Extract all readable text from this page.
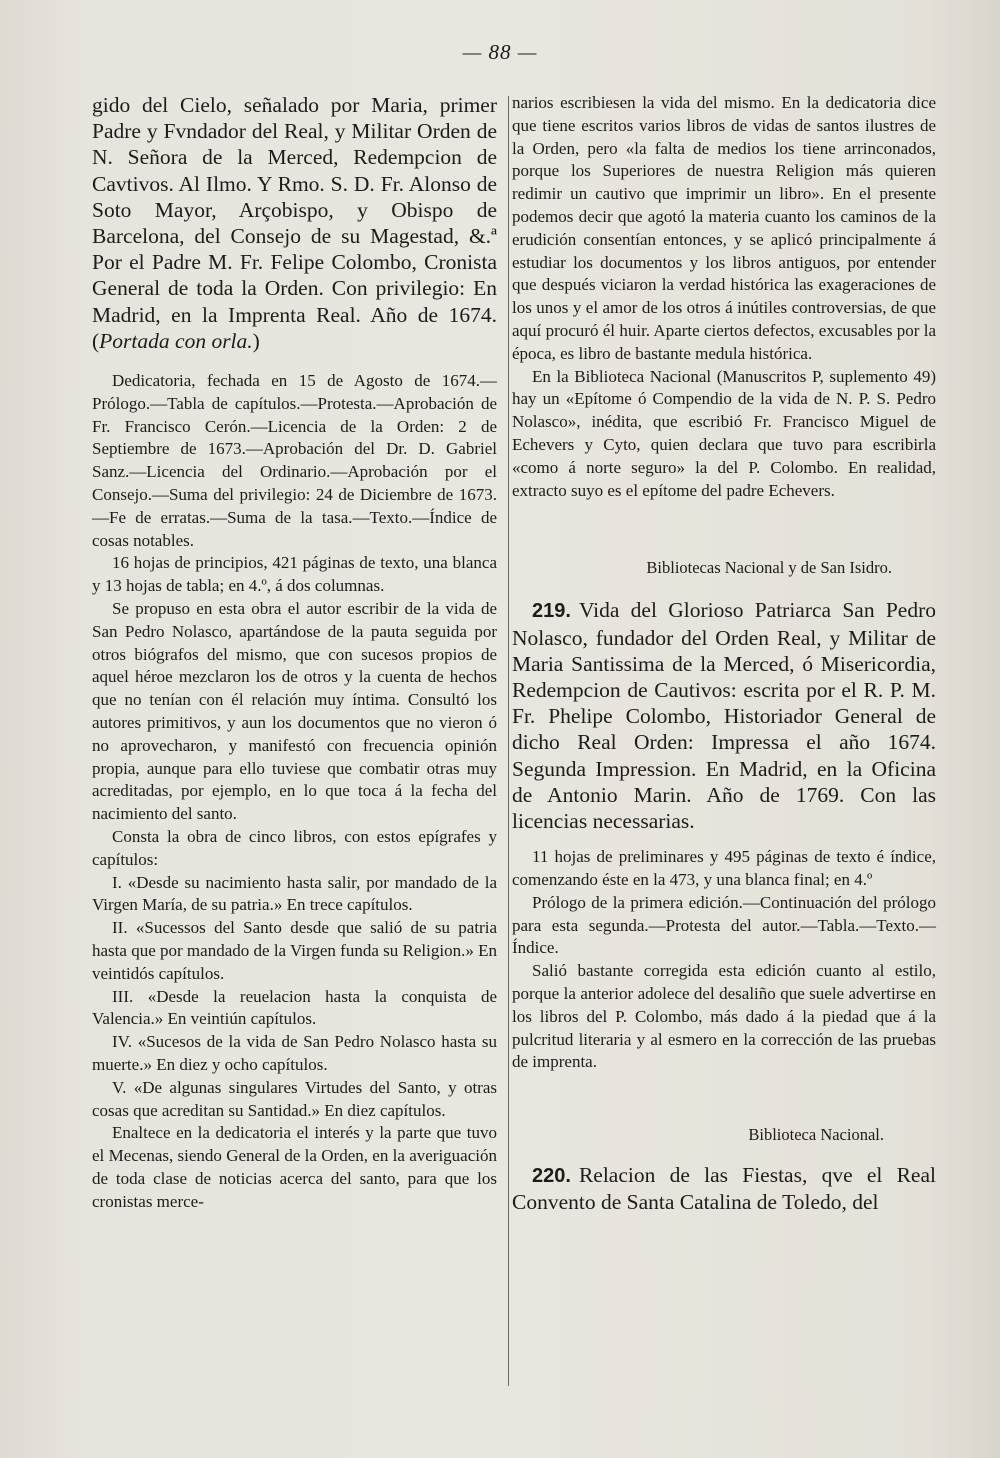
— 88 —

gido del Cielo, señalado por Maria, primer Padre y Fvndador del Real, y Militar Orden de N. Señora de la Merced, Redempcion de Cavtivos. Al Ilmo. Y Rmo. S. D. Fr. Alonso de Soto Mayor, Arçobispo, y Obispo de Barcelona, del Consejo de su Magestad, &.ª Por el Padre M. Fr. Felipe Colombo, Cronista General de toda la Orden. Con privilegio: En Madrid, en la Imprenta Real. Año de 1674. (Portada con orla.)

Dedicatoria, fechada en 15 de Agosto de 1674.—Prólogo.—Tabla de capítulos.—Protesta.—Aprobación de Fr. Francisco Cerón.—Licencia de la Orden: 2 de Septiembre de 1673.—Aprobación del Dr. D. Gabriel Sanz.—Licencia del Ordinario.—Aprobación por el Consejo.—Suma del privilegio: 24 de Diciembre de 1673.—Fe de erratas.—Suma de la tasa.—Texto.—Índice de cosas notables.

16 hojas de principios, 421 páginas de texto, una blanca y 13 hojas de tabla; en 4.º, á dos columnas.

Se propuso en esta obra el autor escribir de la vida de San Pedro Nolasco, apartándose de la pauta seguida por otros biógrafos del mismo, que con sucesos propios de aquel héroe mezclaron los de otros y la cuenta de hechos que no tenían con él relación muy íntima. Consultó los autores primitivos, y aun los documentos que no vieron ó no aprovecharon, y manifestó con frecuencia opinión propia, aunque para ello tuviese que combatir otras muy acreditadas, por ejemplo, en lo que toca á la fecha del nacimiento del santo.

Consta la obra de cinco libros, con estos epígrafes y capítulos:

I. «Desde su nacimiento hasta salir, por mandado de la Virgen María, de su patria.» En trece capítulos.

II. «Sucessos del Santo desde que salió de su patria hasta que por mandado de la Virgen funda su Religion.» En veintidós capítulos.

III. «Desde la reuelacion hasta la conquista de Valencia.» En veintiún capítulos.

IV. «Sucesos de la vida de San Pedro Nolasco hasta su muerte.» En diez y ocho capítulos.

V. «De algunas singulares Virtudes del Santo, y otras cosas que acreditan su Santidad.» En diez capítulos.

Enaltece en la dedicatoria el interés y la parte que tuvo el Mecenas, siendo General de la Orden, en la averiguación de toda clase de noticias acerca del santo, para que los cronistas merce-

narios escribiesen la vida del mismo. En la dedicatoria dice que tiene escritos varios libros de vidas de santos ilustres de la Orden, pero «la falta de medios los tiene arrinconados, porque los Superiores de nuestra Religion más quieren redimir un cautivo que imprimir un libro». En el presente podemos decir que agotó la materia cuanto los caminos de la erudición consentían entonces, y se aplicó principalmente á estudiar los documentos y los libros antiguos, por entender que después viciaron la verdad histórica las exageraciones de los unos y el amor de los otros á inútiles controversias, de que aquí procuró él huir. Aparte ciertos defectos, excusables por la época, es libro de bastante medula histórica.

En la Biblioteca Nacional (Manuscritos P, suplemento 49) hay un «Epítome ó Compendio de la vida de N. P. S. Pedro Nolasco», inédita, que escribió Fr. Francisco Miguel de Echevers y Cyto, quien declara que tuvo para escribirla «como á norte seguro» la del P. Colombo. En realidad, extracto suyo es el epítome del padre Echevers.

Bibliotecas Nacional y de San Isidro.

219. Vida del Glorioso Patriarca San Pedro Nolasco, fundador del Orden Real, y Militar de Maria Santissima de la Merced, ó Misericordia, Redempcion de Cautivos: escrita por el R. P. M. Fr. Phelipe Colombo, Historiador General de dicho Real Orden: Impressa el año 1674. Segunda Impression. En Madrid, en la Oficina de Antonio Marin. Año de 1769. Con las licencias necessarias.

11 hojas de preliminares y 495 páginas de texto é índice, comenzando éste en la 473, y una blanca final; en 4.º

Prólogo de la primera edición.—Continuación del prólogo para esta segunda.—Protesta del autor.—Tabla.—Texto.—Índice.

Salió bastante corregida esta edición cuanto al estilo, porque la anterior adolece del desaliño que suele advertirse en los libros del P. Colombo, más dado á la piedad que á la pulcritud literaria y al esmero en la corrección de las pruebas de imprenta.

Biblioteca Nacional.

220. Relacion de las Fiestas, qve el Real Convento de Santa Catalina de Toledo, del
